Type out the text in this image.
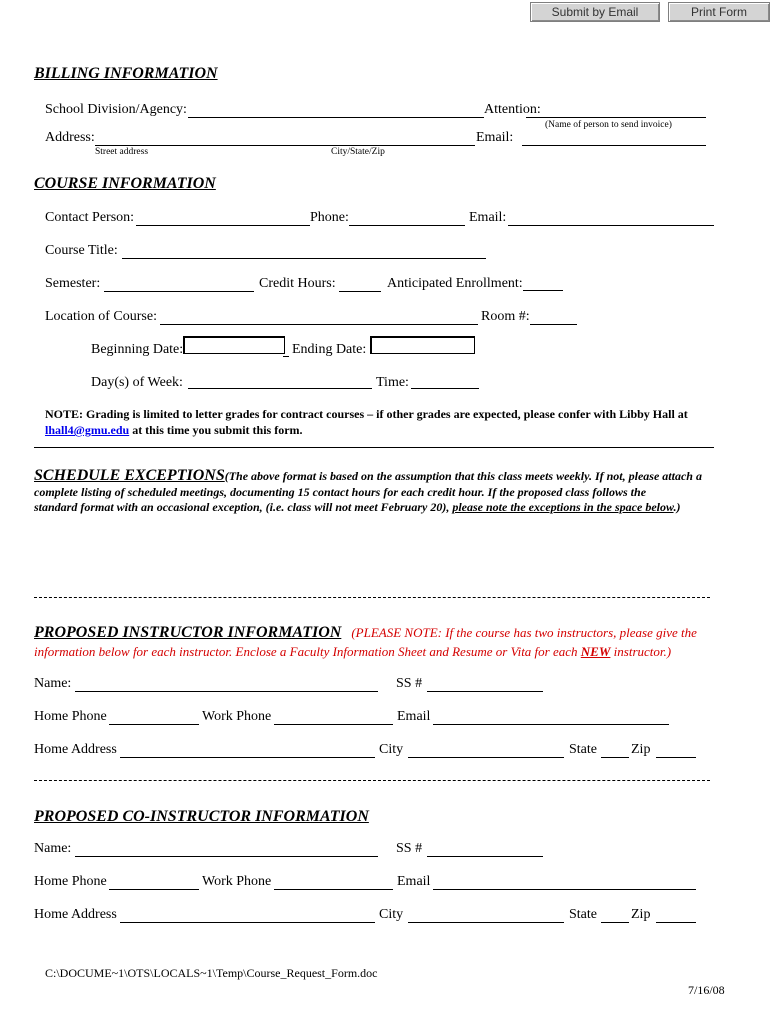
Submit by Email	Print Form
BILLING INFORMATION
School Division/Agency:	Attention:
(Name of person to send invoice)
Address:	Email:
Street address	City/State/Zip
COURSE INFORMATION
Contact Person:	Phone:	Email:
Course Title:
Semester:	Credit Hours:	Anticipated Enrollment:
Location of Course:	Room #:
Beginning Date:	Ending Date:
Day(s) of Week:	Time:
NOTE: Grading is limited to letter grades for contract courses – if other grades are expected, please confer with Libby Hall at
lhall4@gmu.edu at this time you submit this form.
SCHEDULE EXCEPTIONS(The above format is based on the assumption that this class meets weekly. If not, please attach a
complete listing of scheduled meetings, documenting 15 contact hours for each credit hour. If the proposed class follows the
standard format with an occasional exception, (i.e. class will not meet February 20), please note the exceptions in the space below.)
PROPOSED INSTRUCTOR INFORMATION (PLEASE NOTE: If the course has two instructors, please give the
information below for each instructor. Enclose a Faculty Information Sheet and Resume or Vita for each NEW instructor.)
Name:	SS #
Home Phone	Work Phone	Email
Home Address	City	State Zip
PROPOSED CO-INSTRUCTOR INFORMATION
Name:	SS #
Home Phone	Work Phone	Email
Home Address	City	State Zip
C:\DOCUME~1\OTS\LOCALS~1\Temp\Course_Request_Form.doc
7/16/08
